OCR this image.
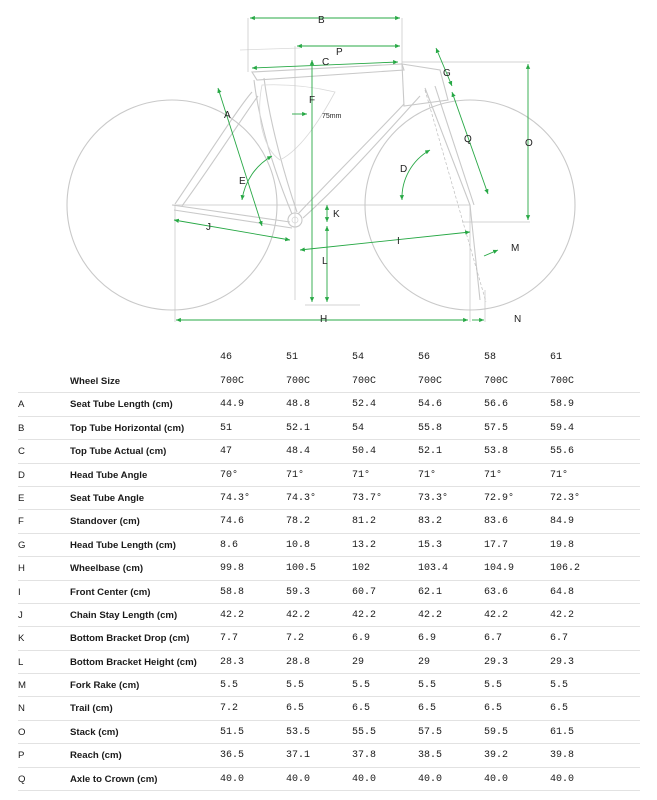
B
P
C
F
75mm
A
G
Q	O
D
E
K
J
I
M
L
H	N
46	51	54	56	58	61
Wheel Size	700C	700C	700C	700C	700C	700C
A	Seat Tube Length (cm)	44.9	48.8	52.4	54.6	56.6	58.9
B	Top Tube Horizontal (cm)	51	52.1	54	55.8	57.5	59.4
C	Top Tube Actual (cm)	47	48.4	50.4	52.1	53.8	55.6
D	Head Tube Angle	70°	71°	71°	71°	71°	71°
E	Seat Tube Angle	74.3°	74.3°	73.7°	73.3°	72.9°	72.3°
F	Standover (cm)	74.6	78.2	81.2	83.2	83.6	84.9
G	Head Tube Length (cm)	8.6	10.8	13.2	15.3	17.7	19.8
H	Wheelbase (cm)	99.8	100.5	102	103.4	104.9	106.2
I	Front Center (cm)	58.8	59.3	60.7	62.1	63.6	64.8
J	Chain Stay Length (cm)	42.2	42.2	42.2	42.2	42.2	42.2
K	Bottom Bracket Drop (cm)	7.7	7.2	6.9	6.9	6.7	6.7
L	Bottom Bracket Height (cm) 28.3	28.8	29	29	29.3	29.3
M	Fork Rake (cm)	5.5	5.5	5.5	5.5	5.5	5.5
N	Trail (cm)	7.2	6.5	6.5	6.5	6.5	6.5
O	Stack (cm)	51.5	53.5	55.5	57.5	59.5	61.5
P	Reach (cm)	36.5	37.1	37.8	38.5	39.2	39.8
Q	Axle to Crown (cm)	40.0	40.0	40.0	40.0	40.0	40.0
